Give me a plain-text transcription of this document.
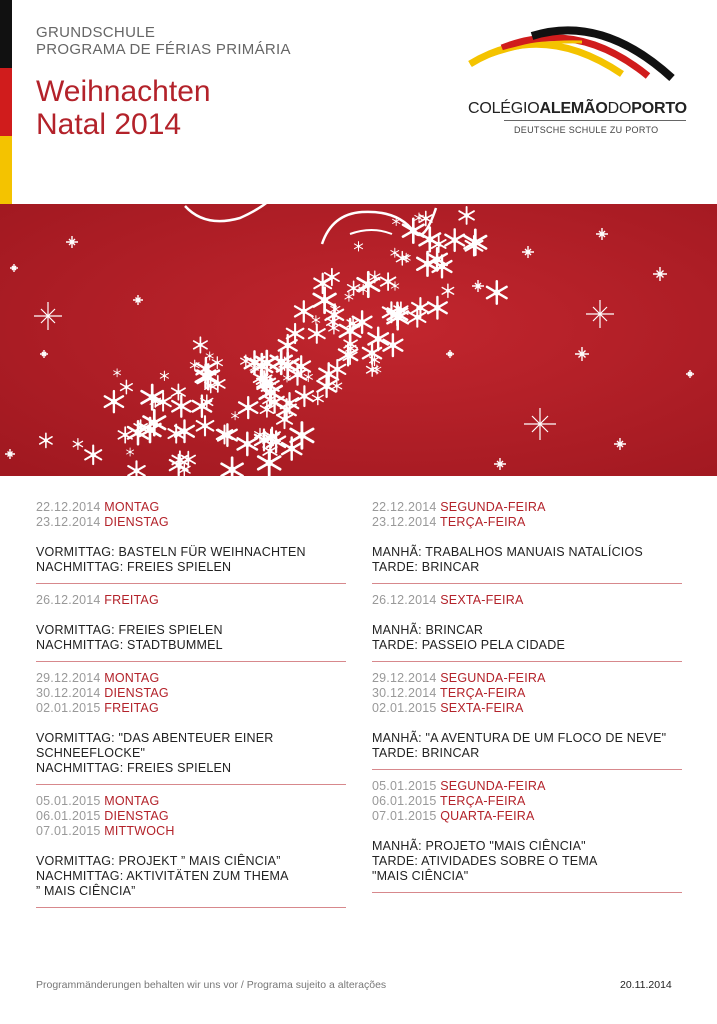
GRUNDSCHULE
PROGRAMA DE FÉRIAS PRIMÁRIA
Weihnachten
Natal 2014	COLÉGIOALEMÃODOPORTO
DEUTSCHE SCHULE ZU PORTO
22.12.2014 MONTAG
23.12.2014 DIENSTAG
VORMITTAG: BASTELN FÜR WEIHNACHTEN
NACHMITTAG: FREIES SPIELEN
26.12.2014 FREITAG
VORMITTAG: FREIES SPIELEN
NACHMITTAG: STADTBUMMEL
29.12.2014 MONTAG
30.12.2014 DIENSTAG
02.01.2015 FREITAG
VORMITTAG: "DAS ABENTEUER EINER
SCHNEEFLOCKE"
NACHMITTAG: FREIES SPIELEN
05.01.2015 MONTAG
06.01.2015 DIENSTAG
07.01.2015 MITTWOCH
VORMITTAG: PROJEKT ” MAIS CIÊNCIA”
NACHMITTAG: AKTIVITÄTEN ZUM THEMA
” MAIS CIÊNCIA”
22.12.2014 SEGUNDA-FEIRA
23.12.2014 TERÇA-FEIRA
MANHÃ: TRABALHOS MANUAIS NATALÍCIOS
TARDE: BRINCAR
26.12.2014 SEXTA-FEIRA
MANHÃ: BRINCAR
TARDE: PASSEIO PELA CIDADE
29.12.2014 SEGUNDA-FEIRA
30.12.2014 TERÇA-FEIRA
02.01.2015 SEXTA-FEIRA
MANHÃ: "A AVENTURA DE UM FLOCO DE NEVE"
TARDE: BRINCAR
05.01.2015 SEGUNDA-FEIRA
06.01.2015 TERÇA-FEIRA
07.01.2015 QUARTA-FEIRA
MANHÃ: PROJETO "MAIS CIÊNCIA"
TARDE: ATIVIDADES SOBRE O TEMA
"MAIS CIÊNCIA"
Programmänderungen behalten wir uns vor / Programa sujeito a alterações	20.11.2014
